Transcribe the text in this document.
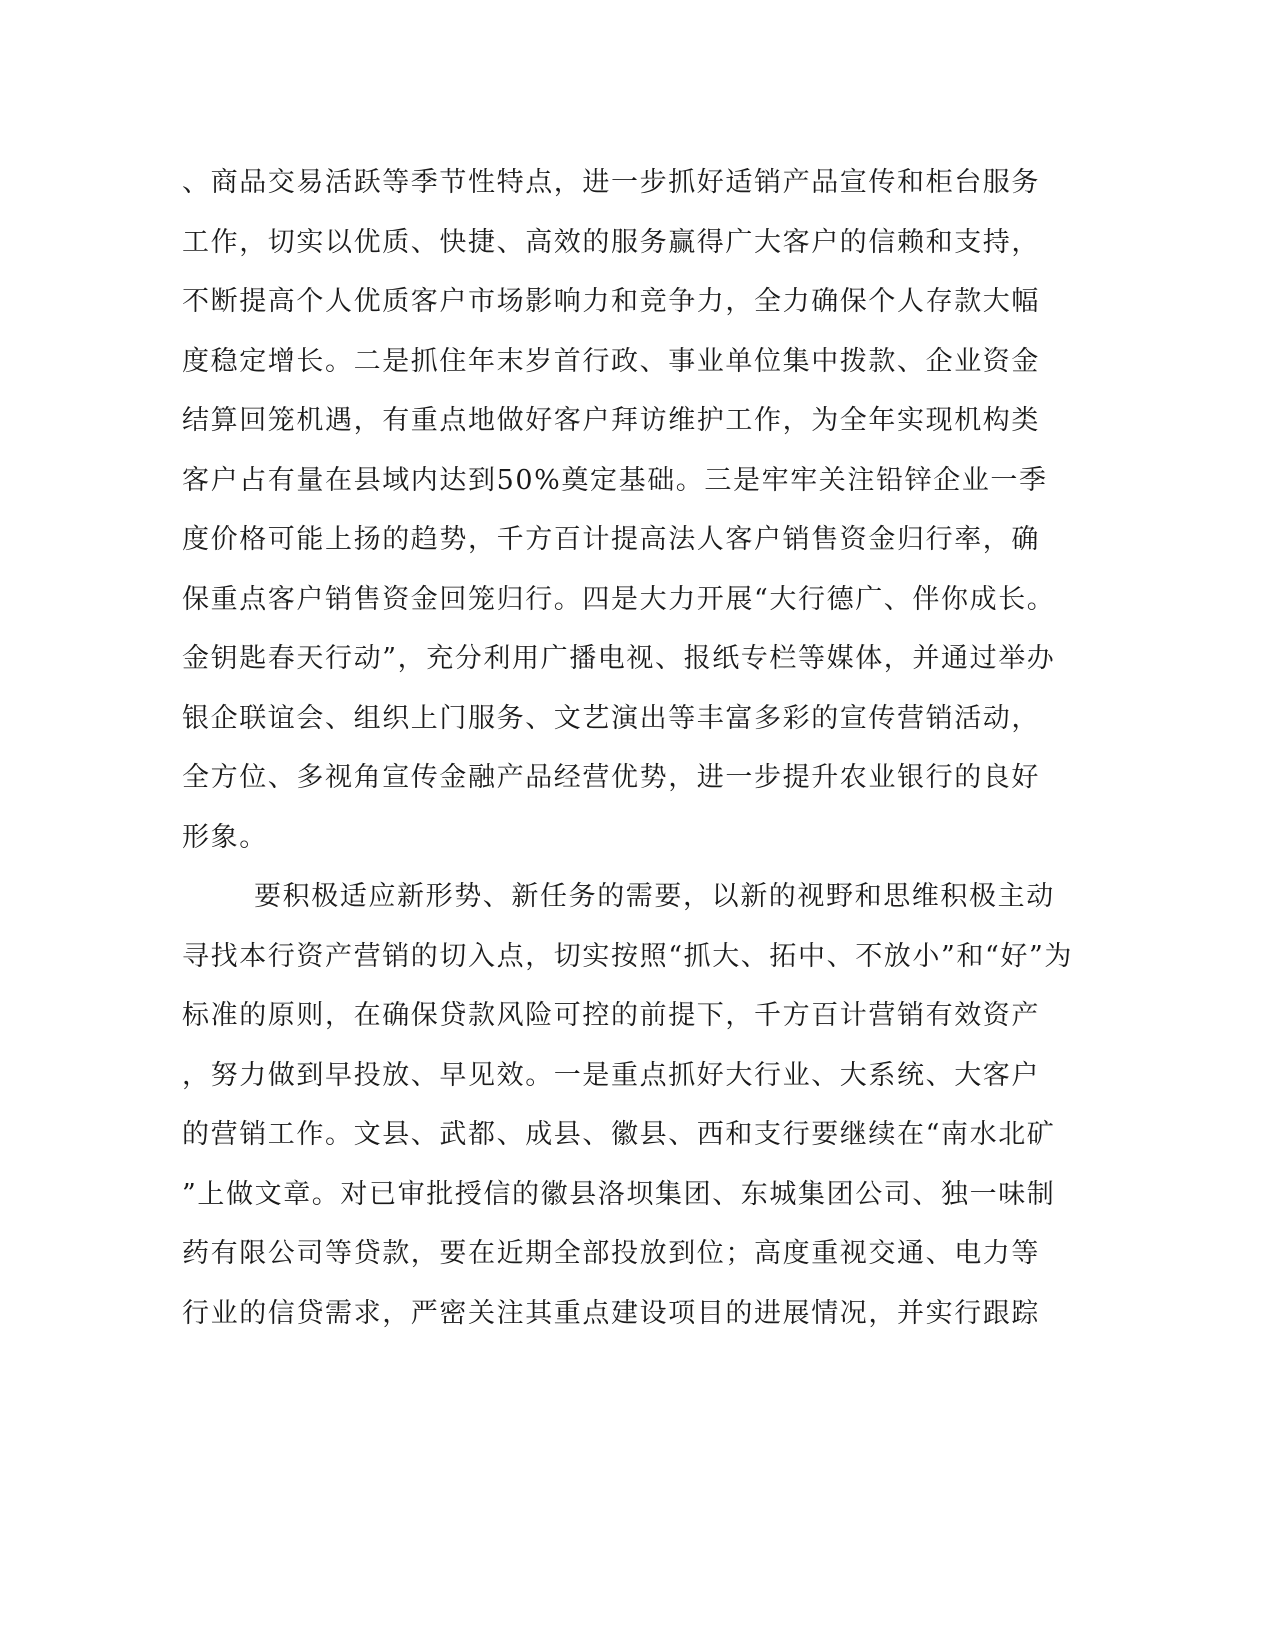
、商品交易活跃等季节性特点，进一步抓好适销产品宣传和柜台服务
工作，切实以优质、快捷、高效的服务赢得广大客户的信赖和支持，
不断提高个人优质客户市场影响力和竞争力，全力确保个人存款大幅
度稳定增长。二是抓住年末岁首行政、事业单位集中拨款、企业资金
结算回笼机遇，有重点地做好客户拜访维护工作，为全年实现机构类
客户占有量在县域内达到50%奠定基础。三是牢牢关注铅锌企业一季
度价格可能上扬的趋势，千方百计提高法人客户销售资金归行率，确
保重点客户销售资金回笼归行。四是大力开展“大行德广、伴你成长。
金钥匙春天行动”，充分利用广播电视、报纸专栏等媒体，并通过举办
银企联谊会、组织上门服务、文艺演出等丰富多彩的宣传营销活动，
全方位、多视角宣传金融产品经营优势，进一步提升农业银行的良好
形象。
要积极适应新形势、新任务的需要，以新的视野和思维积极主动
寻找本行资产营销的切入点，切实按照“抓大、拓中、不放小”和“好”为
标准的原则，在确保贷款风险可控的前提下，千方百计营销有效资产
，努力做到早投放、早见效。一是重点抓好大行业、大系统、大客户
的营销工作。文县、武都、成县、徽县、西和支行要继续在“南水北矿
”上做文章。对已审批授信的徽县洛坝集团、东城集团公司、独一味制
药有限公司等贷款，要在近期全部投放到位；高度重视交通、电力等
行业的信贷需求，严密关注其重点建设项目的进展情况，并实行跟踪
